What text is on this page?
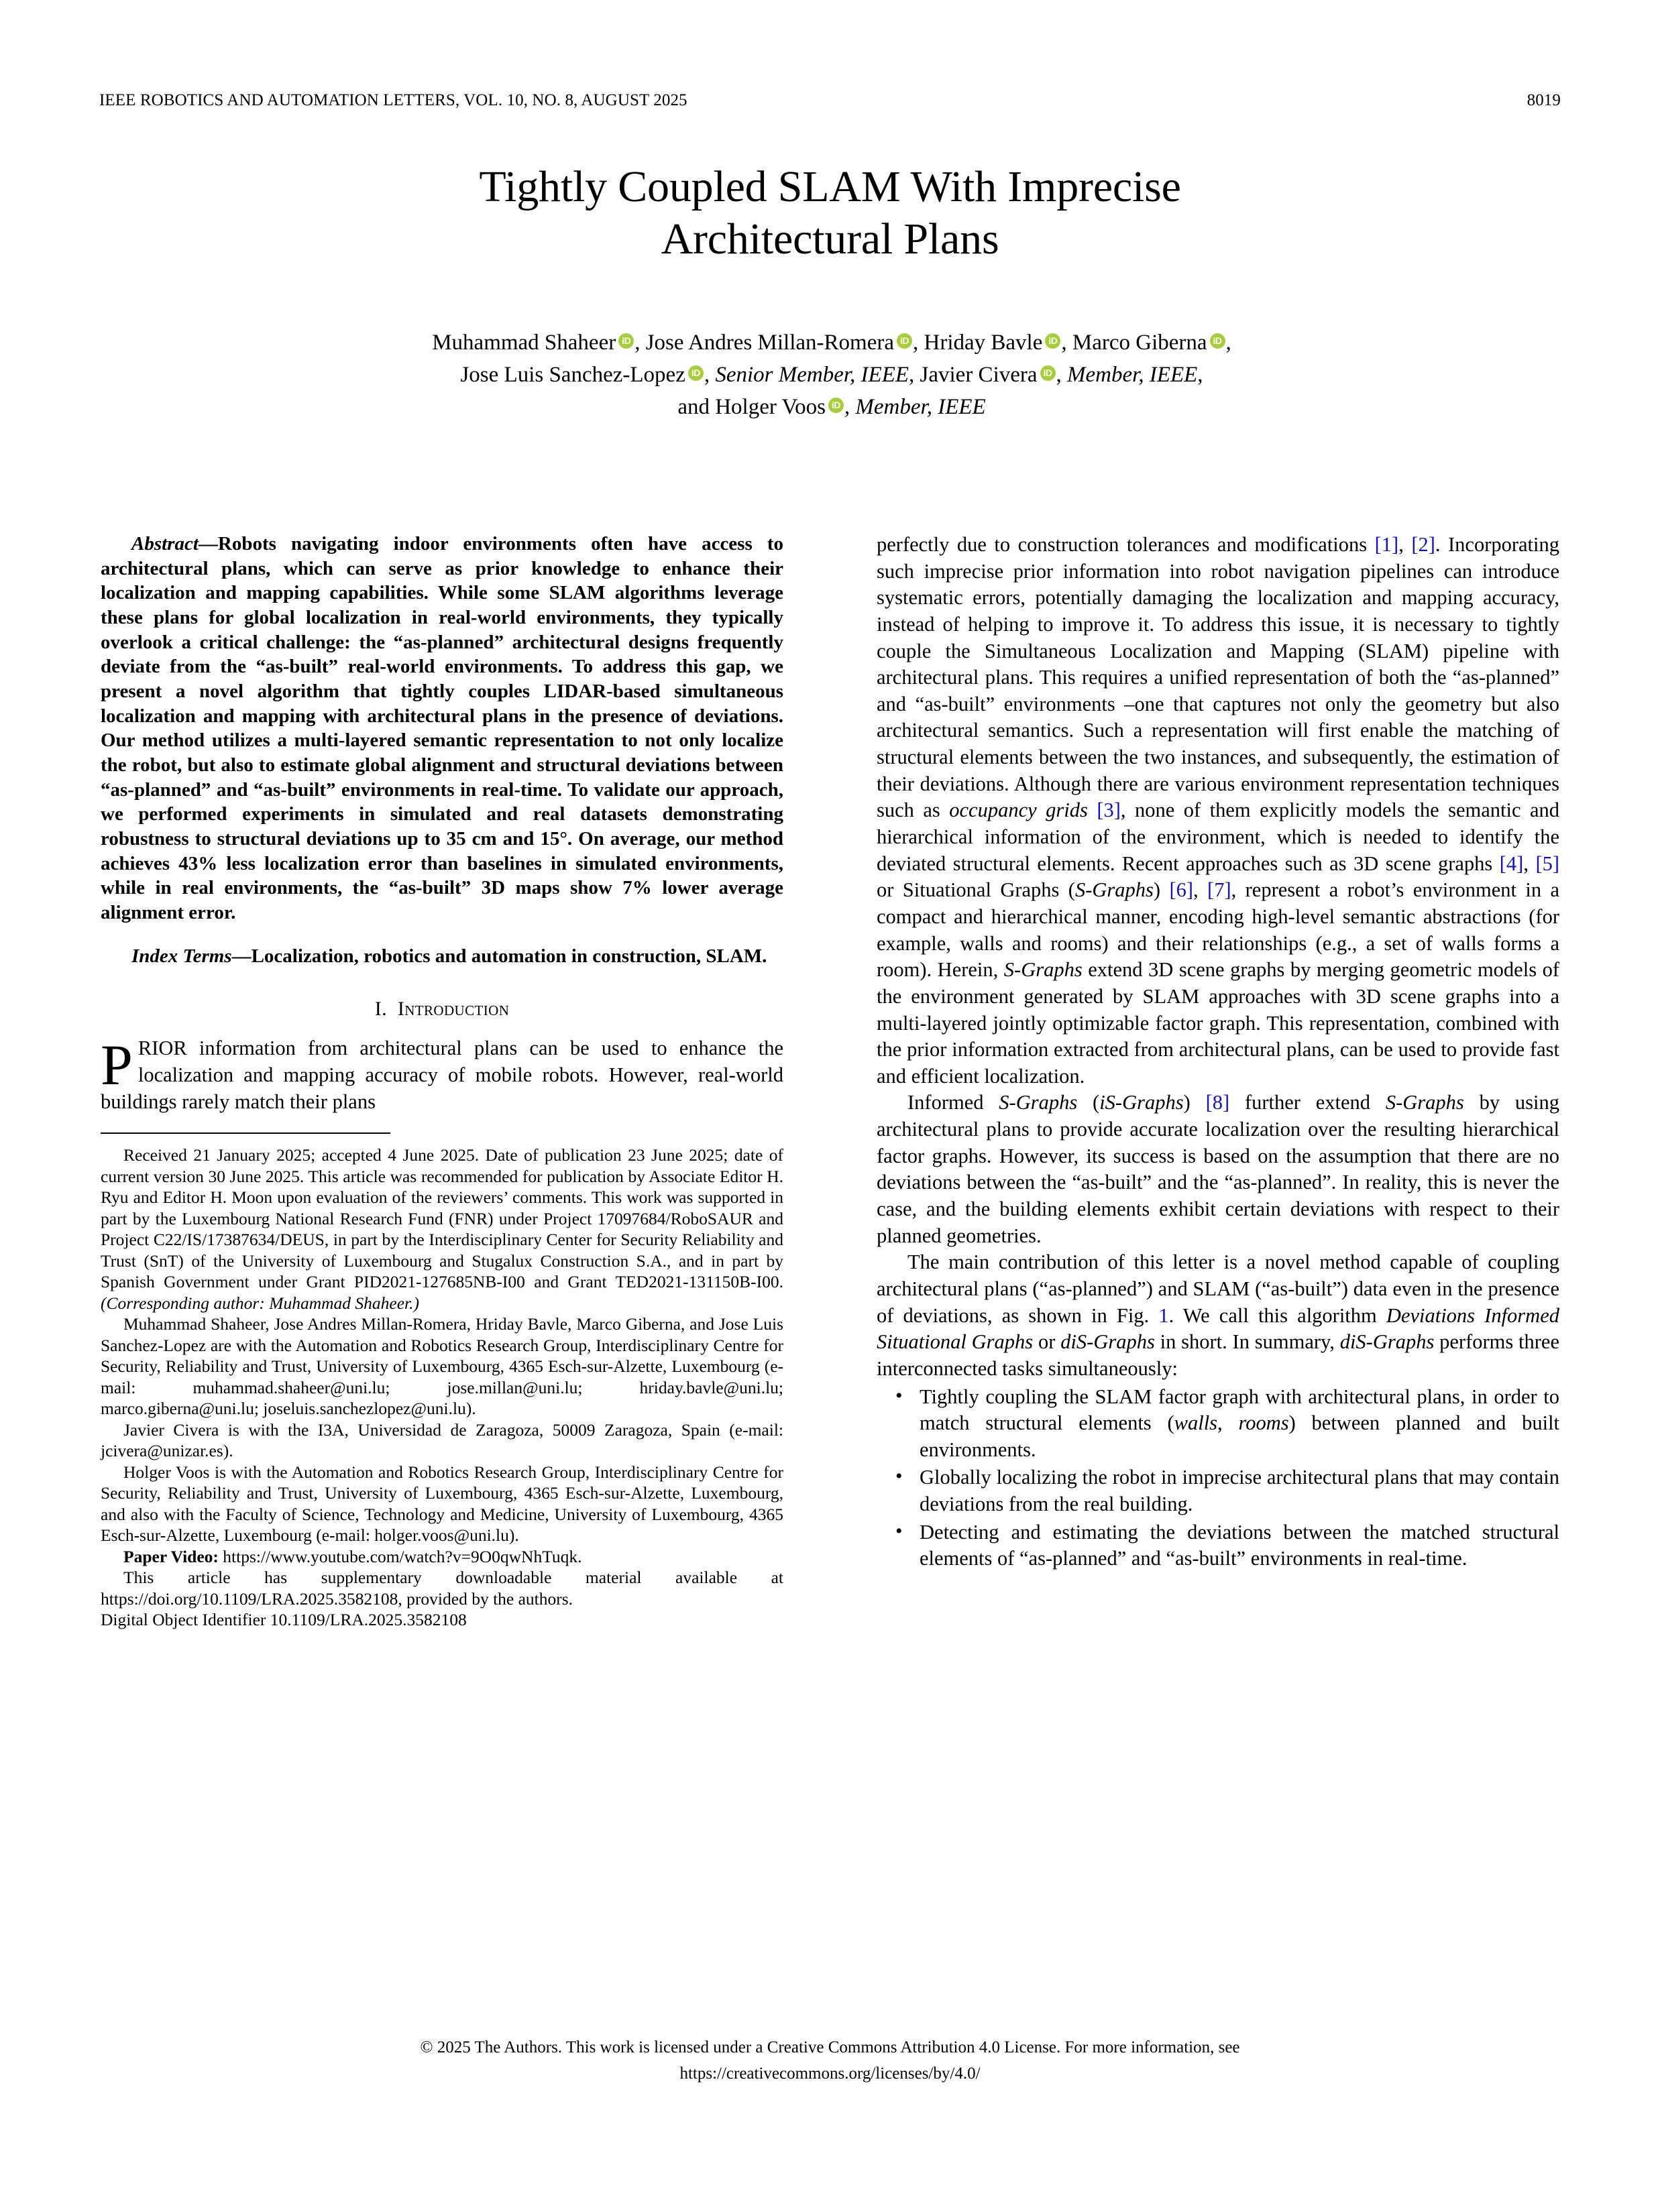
IEEE ROBOTICS AND AUTOMATION LETTERS, VOL. 10, NO. 8, AUGUST 2025	8019
Tightly Coupled SLAM With Imprecise
Architectural Plans
Muhammad Shaheer iD , Jose Andres Millan-Romera iD , Hriday Bavle iD , Marco Giberna iD ,
Jose Luis Sanchez-Lopez iD , Senior Member, IEEE, Javier Civera iD , Member, IEEE,
and Holger Voos iD , Member, IEEE

Abstract—Robots navigating indoor environments often have access to architectural plans, which can serve as prior knowledge to enhance their localization and mapping capabilities. While some SLAM algorithms leverage these plans for global localization in real-world environments, they typically overlook a critical challenge: the “as-planned” architectural designs frequently deviate from the “as-built” real-world environments. To address this gap, we present a novel algorithm that tightly couples LIDAR-based simultaneous localization and mapping with architectural plans in the presence of deviations. Our method utilizes a multi-layered semantic representation to not only localize the robot, but also to estimate global alignment and structural deviations between “as-planned” and “as-built” environments in real-time. To validate our approach, we performed experiments in simulated and real datasets demonstrating robustness to structural deviations up to 35 cm and 15°. On average, our method achieves 43% less localization error than baselines in simulated environments, while in real environments, the “as-built” 3D maps show 7% lower average alignment error.

Index Terms—Localization, robotics and automation in construction, SLAM.

I. Introduction

PRIOR information from architectural plans can be used to enhance the localization and mapping accuracy of mobile robots. However, real-world buildings rarely match their plans

Received 21 January 2025; accepted 4 June 2025. Date of publication 23 June 2025; date of current version 30 June 2025. This article was recommended for publication by Associate Editor H. Ryu and Editor H. Moon upon evaluation of the reviewers’ comments. This work was supported in part by the Luxembourg National Research Fund (FNR) under Project 17097684/RoboSAUR and Project C22/IS/17387634/DEUS, in part by the Interdisciplinary Center for Security Reliability and Trust (SnT) of the University of Luxembourg and Stugalux Construction S.A., and in part by Spanish Government under Grant PID2021-127685NB-I00 and Grant TED2021-131150B-I00. (Corresponding author: Muhammad Shaheer.)

Muhammad Shaheer, Jose Andres Millan-Romera, Hriday Bavle, Marco Giberna, and Jose Luis Sanchez-Lopez are with the Automation and Robotics Research Group, Interdisciplinary Centre for Security, Reliability and Trust, University of Luxembourg, 4365 Esch-sur-Alzette, Luxembourg (e-mail: muhammad.shaheer@uni.lu; jose.millan@uni.lu; hriday.bavle@uni.lu; marco.giberna@uni.lu; joseluis.sanchezlopez@uni.lu).

Javier Civera is with the I3A, Universidad de Zaragoza, 50009 Zaragoza, Spain (e-mail: jcivera@unizar.es).

Holger Voos is with the Automation and Robotics Research Group, Interdisciplinary Centre for Security, Reliability and Trust, University of Luxembourg, 4365 Esch-sur-Alzette, Luxembourg, and also with the Faculty of Science, Technology and Medicine, University of Luxembourg, 4365 Esch-sur-Alzette, Luxembourg (e-mail: holger.voos@uni.lu).

Paper Video: https://www.youtube.com/watch?v=9O0qwNhTuqk.

This article has supplementary downloadable material available at https://doi.org/10.1109/LRA.2025.3582108, provided by the authors.

Digital Object Identifier 10.1109/LRA.2025.3582108

perfectly due to construction tolerances and modifications [1], [2]. Incorporating such imprecise prior information into robot navigation pipelines can introduce systematic errors, potentially damaging the localization and mapping accuracy, instead of helping to improve it. To address this issue, it is necessary to tightly couple the Simultaneous Localization and Mapping (SLAM) pipeline with architectural plans. This requires a unified representation of both the “as-planned” and “as-built” environments –one that captures not only the geometry but also architectural semantics. Such a representation will first enable the matching of structural elements between the two instances, and subsequently, the estimation of their deviations. Although there are various environment representation techniques such as occupancy grids [3], none of them explicitly models the semantic and hierarchical information of the environment, which is needed to identify the deviated structural elements. Recent approaches such as 3D scene graphs [4], [5] or Situational Graphs (S-Graphs) [6], [7], represent a robot’s environment in a compact and hierarchical manner, encoding high-level semantic abstractions (for example, walls and rooms) and their relationships (e.g., a set of walls forms a room). Herein, S-Graphs extend 3D scene graphs by merging geometric models of the environment generated by SLAM approaches with 3D scene graphs into a multi-layered jointly optimizable factor graph. This representation, combined with the prior information extracted from architectural plans, can be used to provide fast and efficient localization.

Informed S-Graphs (iS-Graphs) [8] further extend S-Graphs by using architectural plans to provide accurate localization over the resulting hierarchical factor graphs. However, its success is based on the assumption that there are no deviations between the “as-built” and the “as-planned”. In reality, this is never the case, and the building elements exhibit certain deviations with respect to their planned geometries.

The main contribution of this letter is a novel method capable of coupling architectural plans (“as-planned”) and SLAM (“as-built”) data even in the presence of deviations, as shown in Fig. 1. We call this algorithm Deviations Informed Situational Graphs or diS-Graphs in short. In summary, diS-Graphs performs three interconnected tasks simultaneously:

• Tightly coupling the SLAM factor graph with architectural plans, in order to match structural elements (walls, rooms) between planned and built environments.
• Globally localizing the robot in imprecise architectural plans that may contain deviations from the real building.
• Detecting and estimating the deviations between the matched structural elements of “as-planned” and “as-built” environments in real-time.
© 2025 The Authors. This work is licensed under a Creative Commons Attribution 4.0 License. For more information, see
https://creativecommons.org/licenses/by/4.0/
